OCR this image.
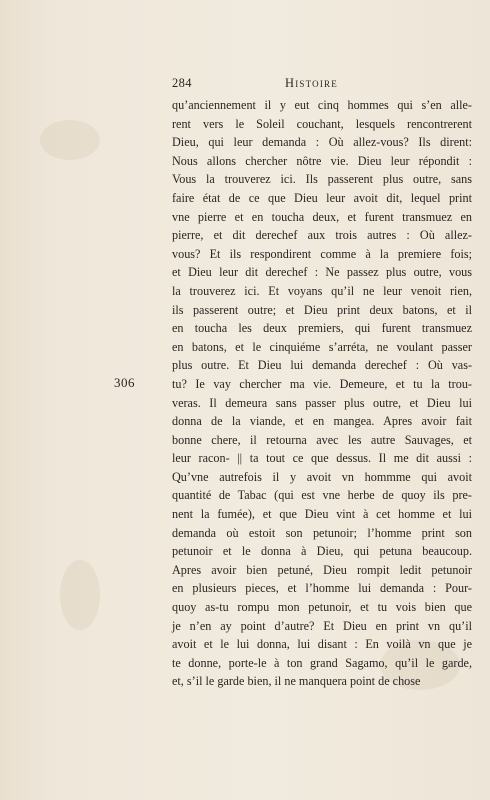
284	Histoire
306
qu’anciennement il y eut cinq hommes qui s’en alle-
rent vers le Soleil couchant, lesquels rencontrerent
Dieu, qui leur demanda : Où allez-vous? Ils dirent:
Nous allons chercher nôtre vie. Dieu leur répondit :
Vous la trouverez ici. Ils passerent plus outre, sans
faire état de ce que Dieu leur avoit dit, lequel print
vne pierre et en toucha deux, et furent transmuez en
pierre, et dit derechef aux trois autres : Où allez-
vous? Et ils respondirent comme à la premiere fois;
et Dieu leur dit derechef : Ne passez plus outre, vous
la trouverez ici. Et voyans qu’il ne leur venoit rien,
ils passerent outre; et Dieu print deux batons, et il
en toucha les deux premiers, qui furent transmuez
en batons, et le cinquiéme s’arréta, ne voulant passer
plus outre. Et Dieu lui demanda derechef : Où vas-
tu? Ie vay chercher ma vie. Demeure, et tu la trou-
veras. Il demeura sans passer plus outre, et Dieu lui
donna de la viande, et en mangea. Apres avoir fait
bonne chere, il retourna avec les autre Sauvages, et
leur racon- || ta tout ce que dessus. Il me dit aussi :
Qu’vne autrefois il y avoit vn hommme qui avoit
quantité de Tabac (qui est vne herbe de quoy ils pre-
nent la fumée), et que Dieu vint à cet homme et lui
demanda où estoit son petunoir; l’homme print son
petunoir et le donna à Dieu, qui petuna beaucoup.
Apres avoir bien petuné, Dieu rompit ledit petunoir
en plusieurs pieces, et l’homme lui demanda : Pour-
quoy as-tu rompu mon petunoir, et tu vois bien que
je n’en ay point d’autre? Et Dieu en print vn qu’il
avoit et le lui donna, lui disant : En voilà vn que je
te donne, porte-le à ton grand Sagamo, qu’il le garde,
et, s’il le garde bien, il ne manquera point de chose
